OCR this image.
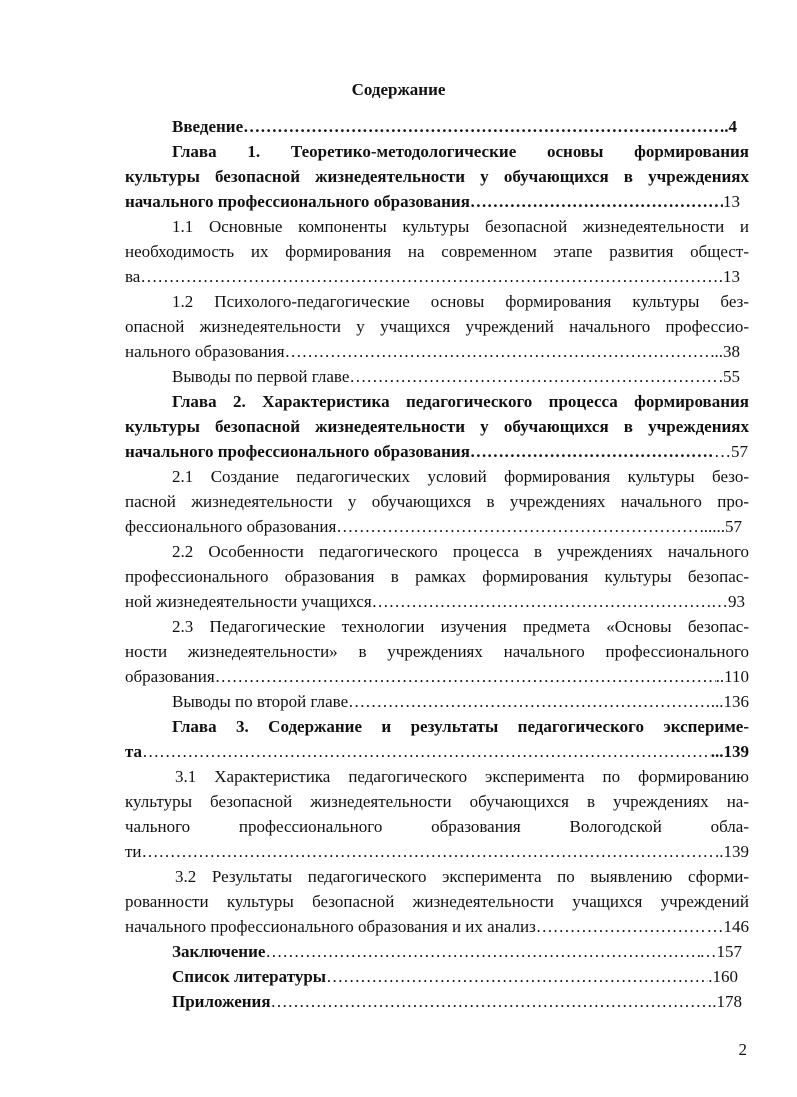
Содержание
Введение …………………………………………………………………………………………………………………………………………………………………	..4
Глава 1. Теоретико-методологические основы формирования
культуры безопасной жизнедеятельности у обучающихся в учреждениях
начального профессионального образования …………………………………………………………………………………………………………………………………………………………………	13
1.1 Основные компоненты культуры безопасной жизнедеятельности и
необходимость их формирования на современном этапе развития общест-
ва …………………………………………………………………………………………………………………………………………………………………	.13
1.2 Психолого-педагогические основы формирования культуры без-
опасной жизнедеятельности у учащихся учреждений начального профессио-
нального образования …………………………………………………………………………………………………………………………………………………………………	..38
Выводы по первой главе …………………………………………………………………………………………………………………………………………………………………	.55
Глава 2. Характеристика педагогического процесса формирования
культуры безопасной жизнедеятельности у обучающихся в учреждениях
начального профессионального образования …………………………………………………………………………………………………………………………………………………………………	…57
2.1 Создание педагогических условий формирования культуры безо-
пасной жизнедеятельности у обучающихся в учреждениях начального про-
фессионального образования …………………………………………………………………………………………………………………………………………………………………	.....57
2.2 Особенности педагогического процесса в учреждениях начального
профессионального образования в рамках формирования культуры безопас-
ной жизнедеятельности учащихся …………………………………………………………………………………………………………………………………………………………………	…93
2.3 Педагогические технологии изучения предмета «Основы безопас-
ности жизнедеятельности» в учреждениях начального профессионального
образования …………………………………………………………………………………………………………………………………………………………………	..110
Выводы по второй главе …………………………………………………………………………………………………………………………………………………………………	...136
Глава 3. Содержание и результаты педагогического экспериме-
та …………………………………………………………………………………………………………………………………………………………………	...139
3.1 Характеристика педагогического эксперимента по формированию
культуры безопасной жизнедеятельности обучающихся в учреждениях на-
чального профессионального образования Вологодской обла-
ти …………………………………………………………………………………………………………………………………………………………………	..139
3.2 Результаты педагогического эксперимента по выявлению сформи-
рованности культуры безопасной жизнедеятельности учащихся учреждений
начального профессионального образования и их анализ …………………………………………………………………………………………………………………………………………………………………	…146
Заключение …………………………………………………………………………………………………………………………………………………………………	…157
Список литературы …………………………………………………………………………………………………………………………………………………………………	.160
Приложения …………………………………………………………………………………………………………………………………………………………………	.178
2
